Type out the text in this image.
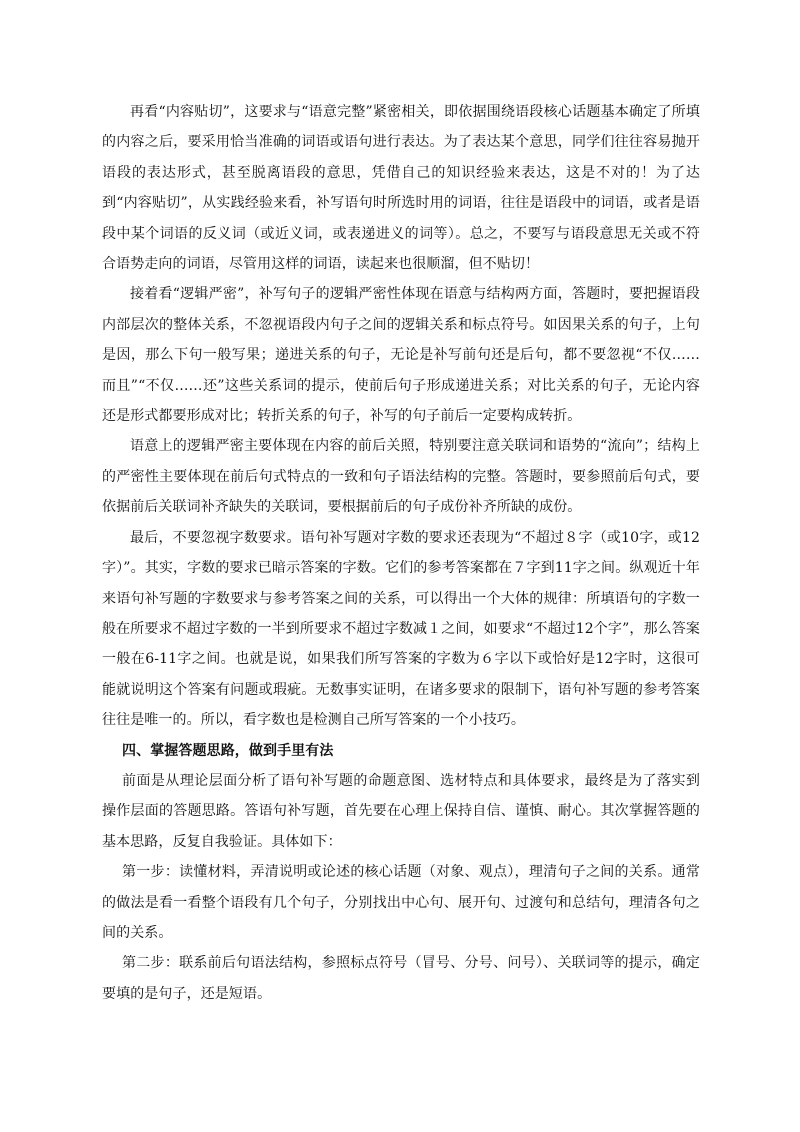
再看“内容贴切”，这要求与“语意完整”紧密相关，即依据围绕语段核心话题基本确定了所填的内容之后，要采用恰当准确的词语或语句进行表达。为了表达某个意思，同学们往往容易抛开语段的表达形式，甚至脱离语段的意思，凭借自己的知识经验来表达，这是不对的！为了达到“内容贴切”，从实践经验来看，补写语句时所选时用的词语，往往是语段中的词语，或者是语段中某个词语的反义词（或近义词，或表递进义的词等）。总之，不要写与语段意思无关或不符合语势走向的词语，尽管用这样的词语，读起来也很顺溜，但不贴切！

接着看“逻辑严密”，补写句子的逻辑严密性体现在语意与结构两方面，答题时，要把握语段内部层次的整体关系，不忽视语段内句子之间的逻辑关系和标点符号。如因果关系的句子，上句是因，那么下句一般写果；递进关系的句子，无论是补写前句还是后句，都不要忽视“不仅……而且”“不仅……还”这些关系词的提示，使前后句子形成递进关系；对比关系的句子，无论内容还是形式都要形成对比；转折关系的句子，补写的句子前后一定要构成转折。

语意上的逻辑严密主要体现在内容的前后关照，特别要注意关联词和语势的“流向”；结构上的严密性主要体现在前后句式特点的一致和句子语法结构的完整。答题时，要参照前后句式，要依据前后关联词补齐缺失的关联词，要根据前后的句子成份补齐所缺的成份。

最后，不要忽视字数要求。语句补写题对字数的要求还表现为“不超过８字（或10字，或12字）”。其实，字数的要求已暗示答案的字数。它们的参考答案都在７字到11字之间。纵观近十年来语句补写题的字数要求与参考答案之间的关系，可以得出一个大体的规律：所填语句的字数一般在所要求不超过字数的一半到所要求不超过字数减１之间，如要求“不超过12个字”，那么答案一般在6-11字之间。也就是说，如果我们所写答案的字数为６字以下或恰好是12字时，这很可能就说明这个答案有问题或瑕疵。无数事实证明，在诸多要求的限制下，语句补写题的参考答案往往是唯一的。所以，看字数也是检测自己所写答案的一个小技巧。

四、掌握答题思路，做到手里有法

前面是从理论层面分析了语句补写题的命题意图、选材特点和具体要求，最终是为了落实到操作层面的答题思路。答语句补写题，首先要在心理上保持自信、谨慎、耐心。其次掌握答题的基本思路，反复自我验证。具体如下：

第一步：读懂材料，弄清说明或论述的核心话题（对象、观点），理清句子之间的关系。通常的做法是看一看整个语段有几个句子，分别找出中心句、展开句、过渡句和总结句，理清各句之间的关系。

第二步：联系前后句语法结构，参照标点符号（冒号、分号、问号）、关联词等的提示，确定要填的是句子，还是短语。
